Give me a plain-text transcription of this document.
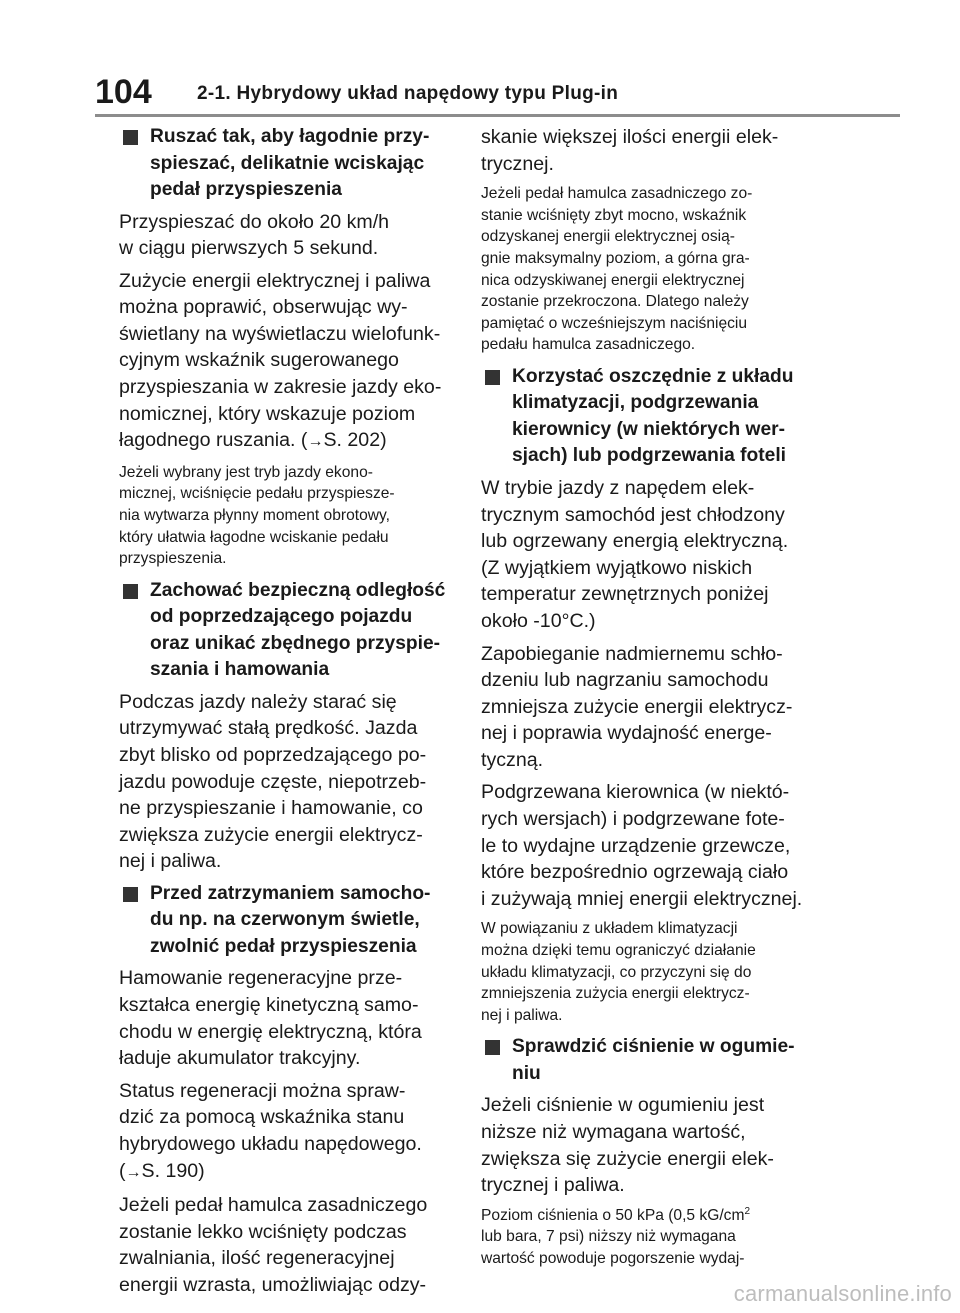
104 2-1. Hybrydowy układ napędowy typu Plug-in
Ruszać tak, aby łagodnie przy-
spieszać, delikatnie wciskając
pedał przyspieszenia
Przyspieszać do około 20 km/h
w ciągu pierwszych 5 sekund.
Zużycie energii elektrycznej i paliwa
można poprawić, obserwując wy-
świetlany na wyświetlaczu wielofunk-
cyjnym wskaźnik sugerowanego
przyspieszania w zakresie jazdy eko-
nomicznej, który wskazuje poziom
łagodnego ruszania. (→S. 202)
Jeżeli wybrany jest tryb jazdy ekono-
micznej, wciśnięcie pedału przyspiesze-
nia wytwarza płynny moment obrotowy,
który ułatwia łagodne wciskanie pedału
przyspieszenia.
Zachować bezpieczną odległość
od poprzedzającego pojazdu
oraz unikać zbędnego przyspie-
szania i hamowania
Podczas jazdy należy starać się
utrzymywać stałą prędkość. Jazda
zbyt blisko od poprzedzającego po-
jazdu powoduje częste, niepotrzeb-
ne przyspieszanie i hamowanie, co
zwiększa zużycie energii elektrycz-
nej i paliwa.
Przed zatrzymaniem samocho-
du np. na czerwonym świetle,
zwolnić pedał przyspieszenia
Hamowanie regeneracyjne prze-
kształca energię kinetyczną samo-
chodu w energię elektryczną, która
ładuje akumulator trakcyjny.
Status regeneracji można spraw-
dzić za pomocą wskaźnika stanu
hybrydowego układu napędowego.
(→S. 190)
Jeżeli pedał hamulca zasadniczego
zostanie lekko wciśnięty podczas
zwalniania, ilość regeneracyjnej
energii wzrasta, umożliwiając odzy-
skanie większej ilości energii elek-
trycznej.
Jeżeli pedał hamulca zasadniczego zo-
stanie wciśnięty zbyt mocno, wskaźnik
odzyskanej energii elektrycznej osią-
gnie maksymalny poziom, a górna gra-
nica odzyskiwanej energii elektrycznej
zostanie przekroczona. Dlatego należy
pamiętać o wcześniejszym naciśnięciu
pedału hamulca zasadniczego.
Korzystać oszczędnie z układu
klimatyzacji, podgrzewania
kierownicy (w niektórych wer-
sjach) lub podgrzewania foteli
W trybie jazdy z napędem elek-
trycznym samochód jest chłodzony
lub ogrzewany energią elektryczną.
(Z wyjątkiem wyjątkowo niskich
temperatur zewnętrznych poniżej
około -10°C.)
Zapobieganie nadmiernemu schło-
dzeniu lub nagrzaniu samochodu
zmniejsza zużycie energii elektrycz-
nej i poprawia wydajność energe-
tyczną.
Podgrzewana kierownica (w niektó-
rych wersjach) i podgrzewane fote-
le to wydajne urządzenie grzewcze,
które bezpośrednio ogrzewają ciało
i zużywają mniej energii elektrycznej.
W powiązaniu z układem klimatyzacji
można dzięki temu ograniczyć działanie
układu klimatyzacji, co przyczyni się do
zmniejszenia zużycia energii elektrycz-
nej i paliwa.
Sprawdzić ciśnienie w ogumie-
niu
Jeżeli ciśnienie w ogumieniu jest
niższe niż wymagana wartość,
zwiększa się zużycie energii elek-
trycznej i paliwa.
Poziom ciśnienia o 50 kPa (0,5 $kG/cm^2$
lub bara, 7 psi) niższy niż wymagana
wartość powoduje pogorszenie wydaj-
carmanualsonline.info
